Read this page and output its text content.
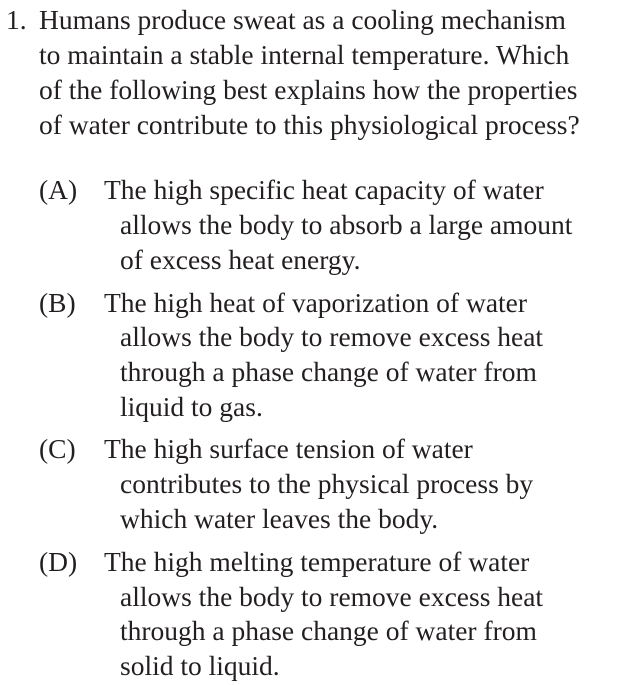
1. Humans produce sweat as a cooling mechanism
to maintain a stable internal temperature. Which
of the following best explains how the properties
of water contribute to this physiological process?
(A) The high specific heat capacity of water
allows the body to absorb a large amount
of excess heat energy.
(B) The high heat of vaporization of water
allows the body to remove excess heat
through a phase change of water from
liquid to gas.
(C) The high surface tension of water
contributes to the physical process by
which water leaves the body.
(D) The high melting temperature of water
allows the body to remove excess heat
through a phase change of water from
solid to liquid.
